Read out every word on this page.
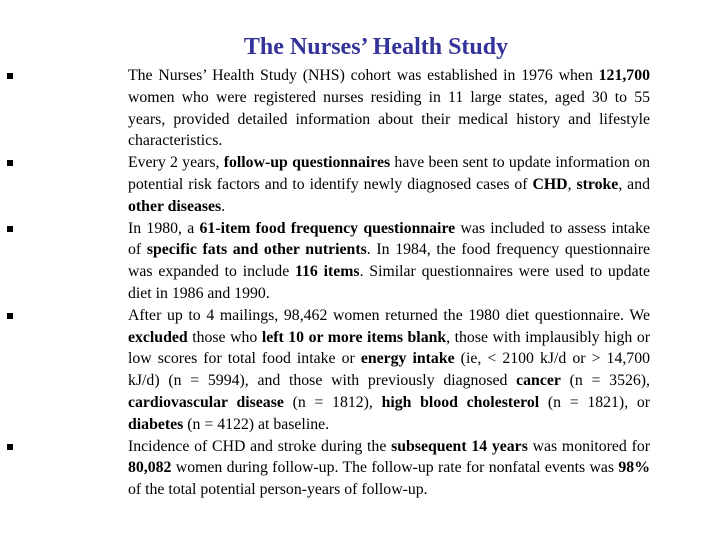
The Nurses’ Health Study
The Nurses’ Health Study (NHS) cohort was established in 1976 when 121,700 women who were registered nurses residing in 11 large states, aged 30 to 55 years, provided detailed information about their medical history and lifestyle characteristics.
Every 2 years, follow-up questionnaires have been sent to update information on potential risk factors and to identify newly diagnosed cases of CHD, stroke, and other diseases.
In 1980, a 61-item food frequency questionnaire was included to assess intake of specific fats and other nutrients. In 1984, the food frequency questionnaire was expanded to include 116 items. Similar questionnaires were used to update diet in 1986 and 1990.
After up to 4 mailings, 98,462 women returned the 1980 diet questionnaire. We excluded those who left 10 or more items blank, those with implausibly high or low scores for total food intake or energy intake (ie, < 2100 kJ/d or > 14,700 kJ/d) (n = 5994), and those with previously diagnosed cancer (n = 3526), cardiovascular disease (n = 1812), high blood cholesterol (n = 1821), or diabetes (n = 4122) at baseline.
Incidence of CHD and stroke during the subsequent 14 years was monitored for 80,082 women during follow-up. The follow-up rate for nonfatal events was 98% of the total potential person-years of follow-up.
